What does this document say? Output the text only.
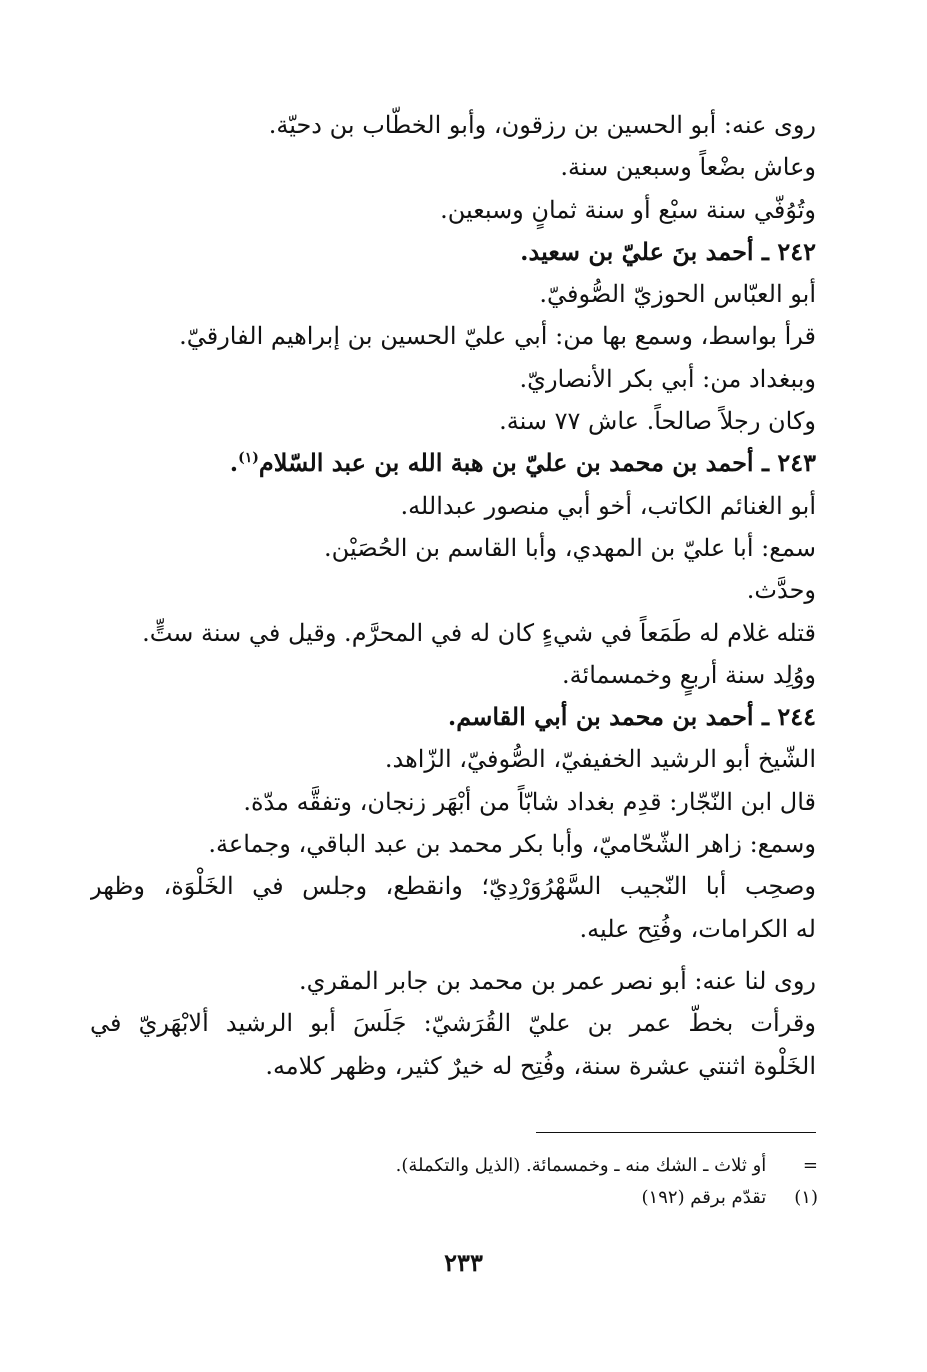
روى عنه: أبو الحسين بن رزقون، وأبو الخطّاب بن دحيّة.
وعاش بضْعاً وسبعين سنة.
وتُوُفّي سنة سبْع أو سنة ثمانٍ وسبعين.
٢٤٢ ـ أحمد بنَ عليّ بن سعيد.
أبو العبّاس الحوزيّ الصُّوفيّ.
قرأ بواسط، وسمع بها من: أبي عليّ الحسين بن إبراهيم الفارقيّ.
وببغداد من: أبي بكر الأنصاريّ.
وكان رجلاً صالحاً. عاش ٧٧ سنة.
٢٤٣ ـ أحمد بن محمد بن عليّ بن هبة الله بن عبد السّلام$^{(١)}$.
أبو الغنائم الكاتب، أخو أبي منصور عبدالله.
سمع: أبا عليّ بن المهدي، وأبا القاسم بن الحُصَيْن.
وحدَّث.
قتله غلام له طَمَعاً في شيءٍ كان له في المحرَّم. وقيل في سنة ستٍّ.
ووُلِد سنة أربعٍ وخمسمائة.
٢٤٤ ـ أحمد بن محمد بن أبي القاسم.
الشّيخ أبو الرشيد الخفيفيّ، الصُّوفيّ، الزّاهد.
قال ابن النّجّار: قدِم بغداد شابّاً من أبْهَر زنجان، وتفقَّه مدّة.
وسمع: زاهر الشّحّاميّ، وأبا بكر محمد بن عبد الباقي، وجماعة.
وصحِب أبا النّجيب السَّهْرُوَرْدِيّ؛ وانقطع، وجلس في الخَلْوَة، وظهر
له الكرامات، وفُتِح عليه.
روى لنا عنه: أبو نصر عمر بن محمد بن جابر المقري.
وقرأت بخطّ عمر بن عليّ القُرَشيّ: جَلَسَ أبو الرشيد ألابْهَريّ في
الخَلْوة اثنتي عشرة سنة، وفُتِح له خيرٌ كثير، وظهر كلامه.
= أو ثلاث ـ الشك منه ـ وخمسمائة. (الذيل والتكملة).
(١) تقدّم برقم (١٩٢)
٢٣٣
